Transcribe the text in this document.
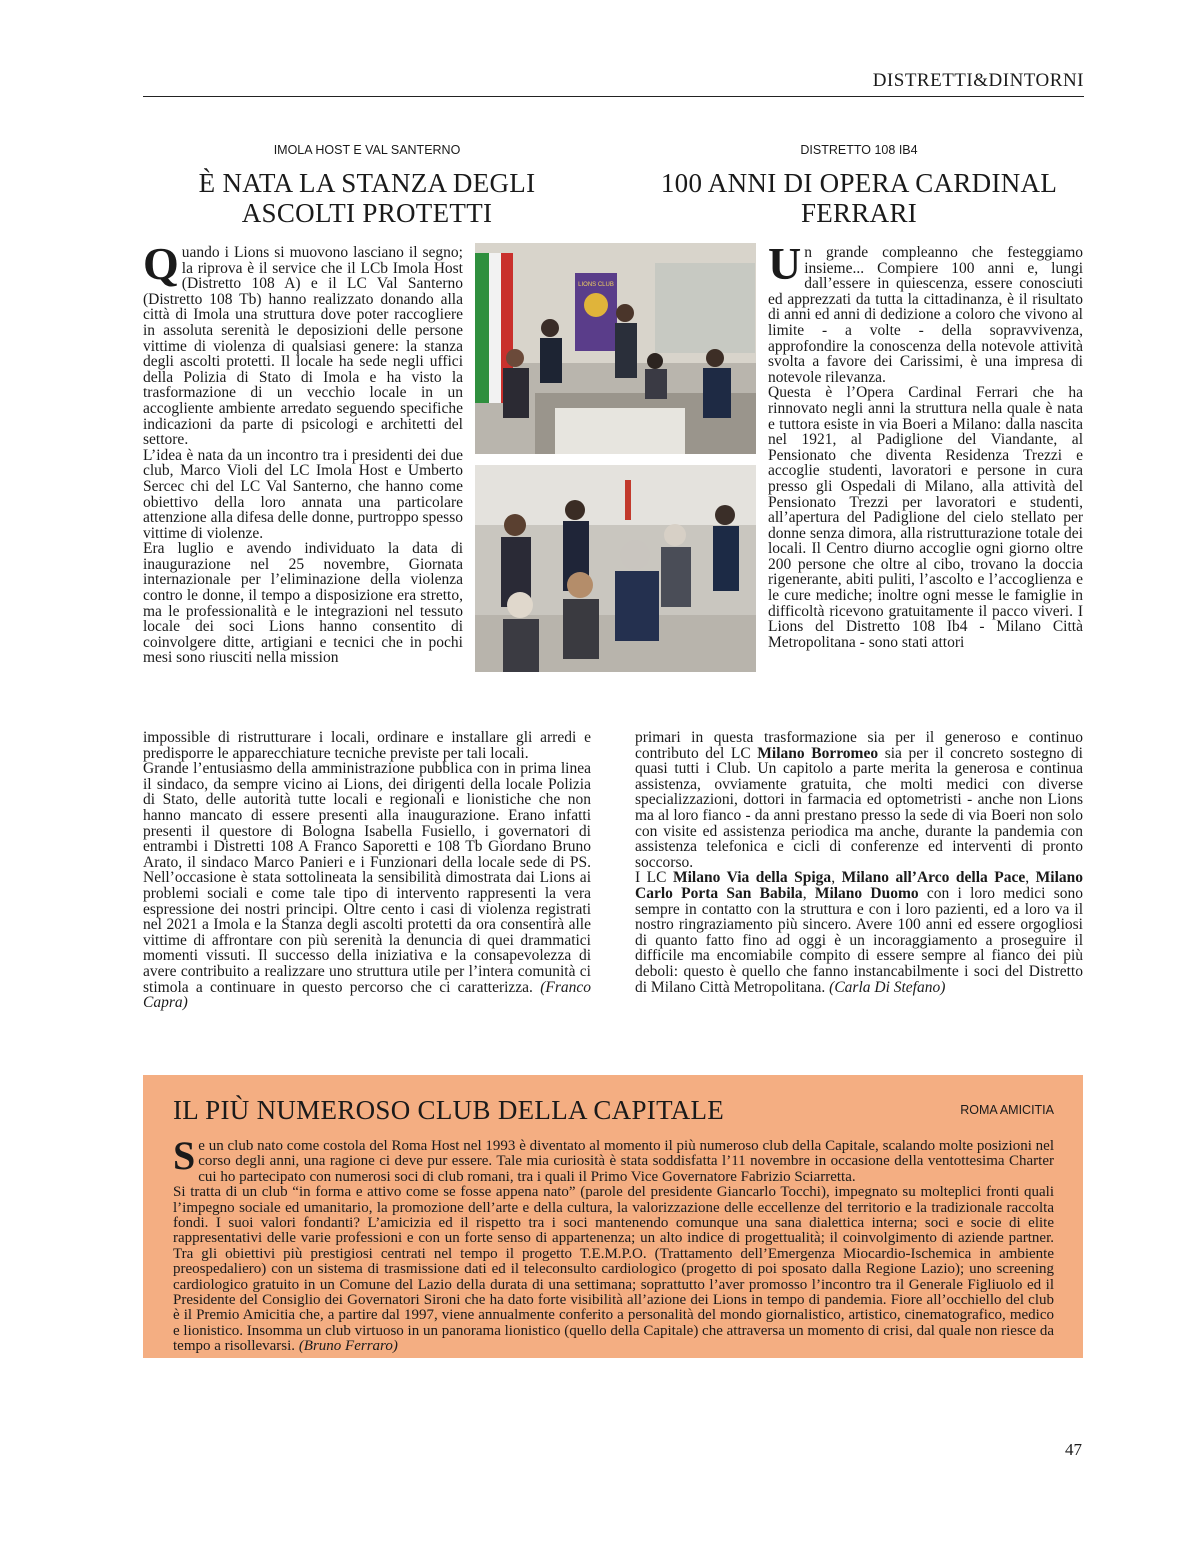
DISTRETTI&DINTORNI
IMOLA HOST E VAL SANTERNO
È NATA LA STANZA DEGLI
ASCOLTI PROTETTI
DISTRETTO 108 IB4
100 ANNI DI OPERA CARDINAL
FERRARI
LIONS CLUB
Q uando i Lions si muovono lasciano il segno; la riprova è il service che il LCb Imola Host (Distretto 108 A) e il LC Val Santerno (Distretto 108 Tb) hanno realizzato donando alla città di Imola una struttura dove poter raccogliere in assoluta serenità le deposizioni delle persone vittime di violenza di qualsiasi genere: la stanza degli ascolti protetti. Il locale ha sede negli uffici della Polizia di Stato di Imola e ha visto la trasformazione di un vecchio locale in un accogliente ambiente arredato seguendo specifiche indicazioni da parte di psicologi e architetti del settore.

L’idea è nata da un incontro tra i presidenti dei due club, Marco Violi del LC Imola Host e Umberto Sercec chi del LC Val Santerno, che hanno come obiettivo della loro annata una particolare attenzione alla difesa delle donne, purtroppo spesso vittime di violenze.

Era luglio e avendo individuato la data di inaugurazione nel 25 novembre, Giornata internazionale per l’eliminazione della violenza contro le donne, il tempo a disposizione era stretto, ma le professionalità e le integrazioni nel tessuto locale dei soci Lions hanno consentito di coinvolgere ditte, artigiani e tecnici che in pochi mesi sono riusciti nella mission

impossible di ristrutturare i locali, ordinare e installare gli arredi e predisporre le apparecchiature tecniche previste per tali locali.

Grande l’entusiasmo della amministrazione pubblica con in prima linea il sindaco, da sempre vicino ai Lions, dei dirigenti della locale Polizia di Stato, delle autorità tutte locali e regionali e lionistiche che non hanno mancato di essere presenti alla inaugurazione. Erano infatti presenti il questore di Bologna Isabella Fusiello, i governatori di entrambi i Distretti 108 A Franco Saporetti e 108 Tb Giordano Bruno Arato, il sindaco Marco Panieri e i Funzionari della locale sede di PS. Nell’occasione è stata sottolineata la sensibilità dimostrata dai Lions ai problemi sociali e come tale tipo di intervento rappresenti la vera espressione dei nostri principi. Oltre cento i casi di violenza registrati nel 2021 a Imola e la Stanza degli ascolti protetti da ora consentirà alle vittime di affrontare con più serenità la denuncia di quei drammatici momenti vissuti. Il successo della iniziativa e la consapevolezza di avere contribuito a realizzare uno struttura utile per l’intera comunità ci stimola a continuare in questo percorso che ci caratterizza. (Franco Capra)

U n grande compleanno che festeggiamo insieme... Compiere 100 anni e, lungi dall’essere in quiescenza, essere conosciuti ed apprezzati da tutta la cittadinanza, è il risultato di anni ed anni di dedizione a coloro che vivono al limite - a volte - della sopravvivenza, approfondire la conoscenza della notevole attività svolta a favore dei Carissimi, è una impresa di notevole rilevanza.

Questa è l’Opera Cardinal Ferrari che ha rinnovato negli anni la struttura nella quale è nata e tuttora esiste in via Boeri a Milano: dalla nascita nel 1921, al Padiglione del Viandante, al Pensionato che diventa Residenza Trezzi e accoglie studenti, lavoratori e persone in cura presso gli Ospedali di Milano, alla attività del Pensionato Trezzi per lavoratori e studenti, all’apertura del Padiglione del cielo stellato per donne senza dimora, alla ristrutturazione totale dei locali. Il Centro diurno accoglie ogni giorno oltre 200 persone che oltre al cibo, trovano la doccia rigenerante, abiti puliti, l’ascolto e l’accoglienza e le cure mediche; inoltre ogni messe le famiglie in difficoltà ricevono gratuitamente il pacco viveri. I Lions del Distretto 108 Ib4 - Milano Città Metropolitana - sono stati attori

primari in questa trasformazione sia per il generoso e continuo contributo del LC Milano Borromeo sia per il concreto sostegno di quasi tutti i Club. Un capitolo a parte merita la generosa e continua assistenza, ovviamente gratuita, che molti medici con diverse specializzazioni, dottori in farmacia ed optometristi - anche non Lions ma al loro fianco - da anni prestano presso la sede di via Boeri non solo con visite ed assistenza periodica ma anche, durante la pandemia con assistenza telefonica e cicli di conferenze ed interventi di pronto soccorso.

I LC Milano Via della Spiga, Milano all’Arco della Pace, Milano Carlo Porta San Babila, Milano Duomo con i loro medici sono sempre in contatto con la struttura e con i loro pazienti, ed a loro va il nostro ringraziamento più sincero. Avere 100 anni ed essere orgogliosi di quanto fatto fino ad oggi è un incoraggiamento a proseguire il difficile ma encomiabile compito di essere sempre al fianco dei più deboli: questo è quello che fanno instancabilmente i soci del Distretto di Milano Città Metropolitana. (Carla Di Stefano)

IL PIÙ NUMEROSO CLUB DELLA CAPITALE	ROMA AMICITIA
S e un club nato come costola del Roma Host nel 1993 è diventato al momento il più numeroso club della Capitale, scalando molte posizioni nel corso degli anni, una ragione ci deve pur essere. Tale mia curiosità è stata soddisfatta l’11 novembre in occasione della ventottesima Charter cui ho partecipato con numerosi soci di club romani, tra i quali il Primo Vice Governatore Fabrizio Sciarretta.

Si tratta di un club “in forma e attivo come se fosse appena nato” (parole del presidente Giancarlo Tocchi), impegnato su molteplici fronti quali l’impegno sociale ed umanitario, la promozione dell’arte e della cultura, la valorizzazione delle eccellenze del territorio e la tradizionale raccolta fondi. I suoi valori fondanti? L’amicizia ed il rispetto tra i soci mantenendo comunque una sana dialettica interna; soci e socie di elite rappresentativi delle varie professioni e con un forte senso di appartenenza; un alto indice di progettualità; il coinvolgimento di aziende partner. Tra gli obiettivi più prestigiosi centrati nel tempo il progetto T.E.M.P.O. (Trattamento dell’Emergenza Miocardio-Ischemica in ambiente preospedaliero) con un sistema di trasmissione dati ed il teleconsulto cardiologico (progetto di poi sposato dalla Regione Lazio); uno screening cardiologico gratuito in un Comune del Lazio della durata di una settimana; soprattutto l’aver promosso l’incontro tra il Generale Figliuolo ed il Presidente del Consiglio dei Governatori Sironi che ha dato forte visibilità all’azione dei Lions in tempo di pandemia. Fiore all’occhiello del club è il Premio Amicitia che, a partire dal 1997, viene annualmente conferito a personalità del mondo giornalistico, artistico, cinematografico, medico e lionistico. Insomma un club virtuoso in un panorama lionistico (quello della Capitale) che attraversa un momento di crisi, dal quale non riesce da tempo a risollevarsi. (Bruno Ferraro)

47
